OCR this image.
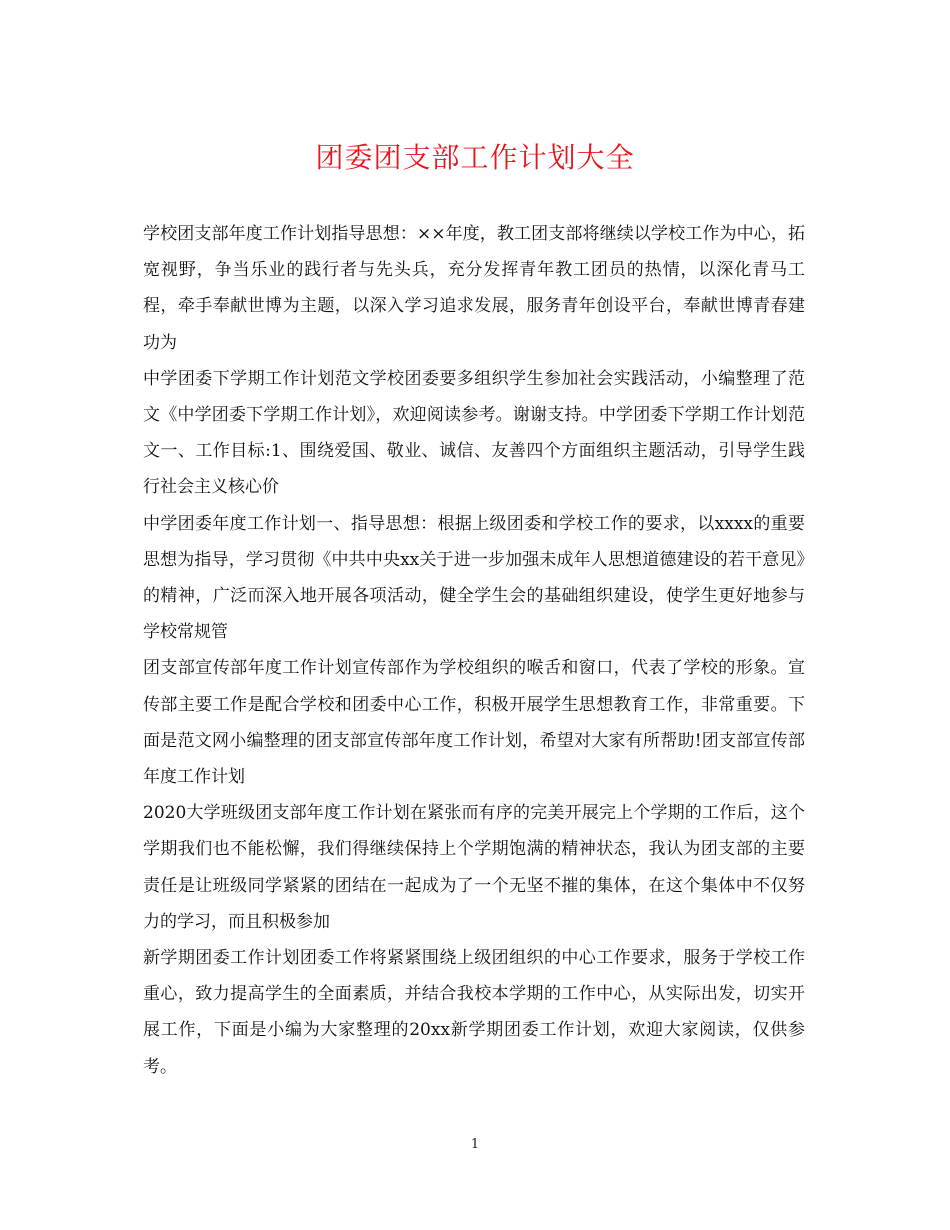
团委团支部工作计划大全

学校团支部年度工作计划指导思想：××年度，教工团支部将继续以学校工作为中心，拓宽视野，争当乐业的践行者与先头兵，充分发挥青年教工团员的热情，以深化青马工程，牵手奉献世博为主题，以深入学习追求发展，服务青年创设平台，奉献世博青春建功为

中学团委下学期工作计划范文学校团委要多组织学生参加社会实践活动，小编整理了范文《中学团委下学期工作计划》，欢迎阅读参考。谢谢支持。中学团委下学期工作计划范文一、工作目标:1、围绕爱国、敬业、诚信、友善四个方面组织主题活动，引导学生践行社会主义核心价

中学团委年度工作计划一、指导思想：根据上级团委和学校工作的要求，以xxxx的重要思想为指导，学习贯彻《中共中央xx关于进一步加强未成年人思想道德建设的若干意见》的精神，广泛而深入地开展各项活动，健全学生会的基础组织建设，使学生更好地参与学校常规管

团支部宣传部年度工作计划宣传部作为学校组织的喉舌和窗口，代表了学校的形象。宣传部主要工作是配合学校和团委中心工作，积极开展学生思想教育工作，非常重要。下面是范文网小编整理的团支部宣传部年度工作计划，希望对大家有所帮助!团支部宣传部年度工作计划

2020大学班级团支部年度工作计划在紧张而有序的完美开展完上个学期的工作后，这个学期我们也不能松懈，我们得继续保持上个学期饱满的精神状态，我认为团支部的主要责任是让班级同学紧紧的团结在一起成为了一个无坚不摧的集体，在这个集体中不仅努力的学习，而且积极参加

新学期团委工作计划团委工作将紧紧围绕上级团组织的中心工作要求，服务于学校工作重心，致力提高学生的全面素质，并结合我校本学期的工作中心，从实际出发，切实开展工作，下面是小编为大家整理的20xx新学期团委工作计划，欢迎大家阅读，仅供参考。

1
